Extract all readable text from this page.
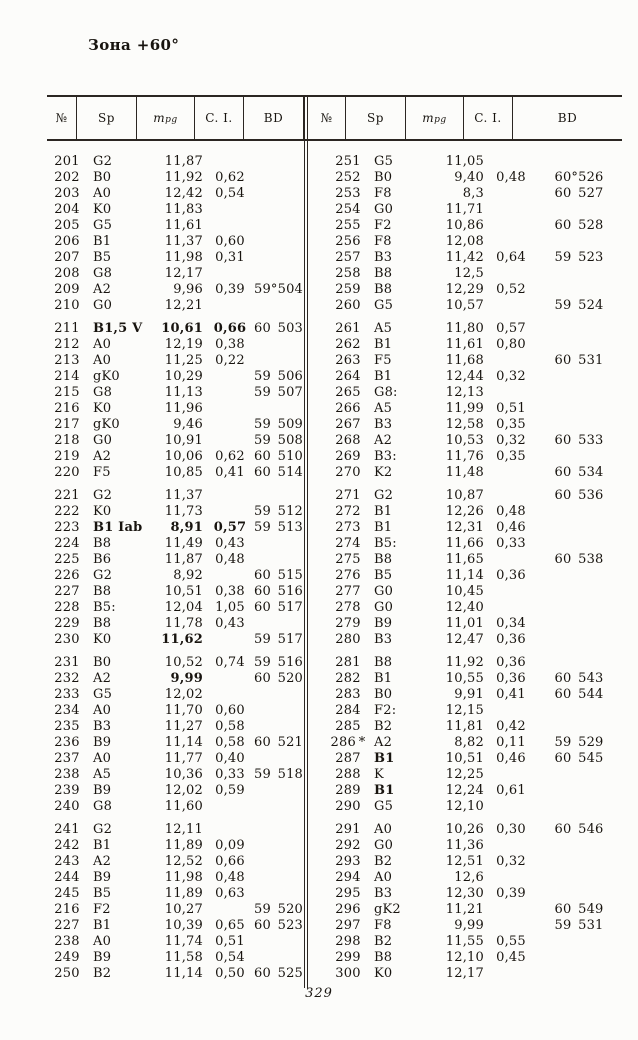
Зона +60°
№	Sp	$m_{pg}$ C. I.	BD	№	Sp	$m_{pg}$ C. I.	BD
201	G2	11,87
202	B0	11,92 0,62
203	A0	12,42 0,54
204	K0	11,83
205	G5	11,61
206	B1	11,37 0,60
207	B5	11,98 0,31
208	G8	12,17
209	A2	9,96 0,39 59°504
210	G0	12,21
211	B1,5 V	10,61 0,66 60 503
212	A0	12,19 0,38
213	A0	11,25 0,22
214	gK0	10,29	59 506
215	G8	11,13	59 507
216	K0	11,96
217	gK0	9,46	59 509
218	G0	10,91	59 508
219	A2	10,06 0,62 60 510
220	F5	10,85 0,41 60 514
221	G2	11,37
222	K0	11,73	59 512
223	B1 Iab	8,91 0,57 59 513
224	B8	11,49 0,43
225	B6	11,87 0,48
226	G2	8,92	60 515
227	B8	10,51 0,38 60 516
228	B5:	12,04 1,05 60 517
229	B8	11,78 0,43
230	K0	11,62	59 517
231	B0	10,52 0,74 59 516
232	A2	9,99	60 520
233	G5	12,02
234	A0	11,70 0,60
235	B3	11,27 0,58
236	B9	11,14 0,58 60 521
237	A0	11,77 0,40
238	A5	10,36 0,33 59 518
239	B9	12,02 0,59
240	G8	11,60
241	G2	12,11
242	B1	11,89 0,09
243	A2	12,52 0,66
244	B9	11,98 0,48
245	B5	11,89 0,63
216	F2	10,27	59 520
227	B1	10,39 0,65 60 523
238	A0	11,74 0,51
249	B9	11,58 0,54
250	B2	11,14 0,50 60 525
251	G5	11,05
252	B0	9,40 0,48	60°526
253	F8	8,3	60 527
254	G0	11,71
255	F2	10,86	60 528
256	F8	12,08
257	B3	11,42 0,64	59 523
258	B8	12,5
259	B8	12,29 0,52
260	G5	10,57	59 524
261	A5	11,80 0,57
262	B1	11,61 0,80
263	F5	11,68	60 531
264	B1	12,44 0,32
265	G8:	12,13
266	A5	11,99 0,51
267	B3	12,58 0,35
268	A2	10,53 0,32	60 533
269	B3:	11,76 0,35
270	K2	11,48	60 534
271	G2	10,87	60 536
272	B1	12,26 0,48
273	B1	12,31 0,46
274	B5:	11,66 0,33
275	B8	11,65	60 538
276	B5	11,14 0,36
277	G0	10,45
278	G0	12,40
279	B9	11,01 0,34
280	B3	12,47 0,36
281	B8	11,92 0,36
282	B1	10,55 0,36	60 543
283	B0	9,91 0,41	60 544
284	F2:	12,15
285	B2	11,81 0,42
286 * A2	8,82 0,11	59 529
287	B1	10,51 0,46	60 545
288	K	12,25
289	B1	12,24 0,61
290	G5	12,10
291	A0	10,26 0,30	60 546
292	G0	11,36
293	B2	12,51 0,32
294	A0	12,6
295	B3	12,30 0,39
296	gK2	11,21	60 549
297	F8	9,99	59 531
298	B2	11,55 0,55
299	B8	12,10 0,45
300	K0	12,17
329
